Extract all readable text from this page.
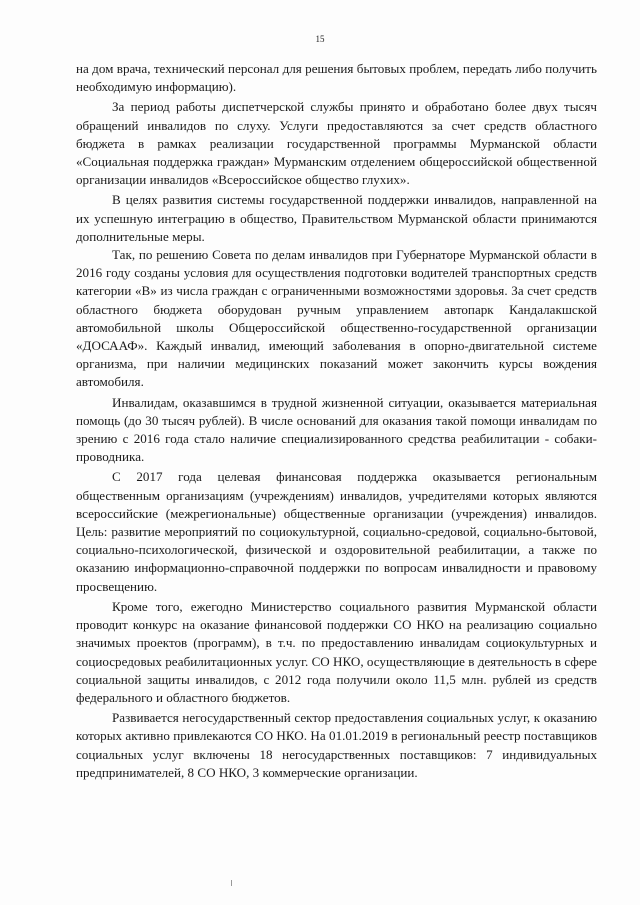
15

на дом врача, технический персонал для решения бытовых проблем, передать либо получить необходимую информацию).

За период работы диспетчерской службы принято и обработано более двух тысяч обращений инвалидов по слуху. Услуги предоставляются за счет средств областного бюджета в рамках реализации государственной программы Мурманской области «Социальная поддержка граждан» Мурманским отделением общероссийской общественной организации инвалидов «Всероссийское общество глухих».

В целях развития системы государственной поддержки инвалидов, направленной на их успешную интеграцию в общество, Правительством Мурманской области принимаются дополнительные меры.

Так, по решению Совета по делам инвалидов при Губернаторе Мурманской области в 2016 году созданы условия для осуществления подготовки водителей транспортных средств категории «В» из числа граждан с ограниченными возможностями здоровья. За счет средств областного бюджета оборудован ручным управлением автопарк Кандалакшской автомобильной школы Общероссийской общественно-государственной организации «ДОСААФ». Каждый инвалид, имеющий заболевания в опорно-двигательной системе организма, при наличии медицинских показаний может закончить курсы вождения автомобиля.

Инвалидам, оказавшимся в трудной жизненной ситуации, оказывается материальная помощь (до 30 тысяч рублей). В числе оснований для оказания такой помощи инвалидам по зрению с 2016 года стало наличие специализированного средства реабилитации - собаки-проводника.

С 2017 года целевая финансовая поддержка оказывается региональным общественным организациям (учреждениям) инвалидов, учредителями которых являются всероссийские (межрегиональные) общественные организации (учреждения) инвалидов. Цель: развитие мероприятий по социокультурной, социально-средовой, социально-бытовой, социально-психологической, физической и оздоровительной реабилитации, а также по оказанию информационно-справочной поддержки по вопросам инвалидности и правовому просвещению.

Кроме того, ежегодно Министерство социального развития Мурманской области проводит конкурс на оказание финансовой поддержки СО НКО на реализацию социально значимых проектов (программ), в т.ч. по предоставлению инвалидам социокультурных и социосредовых реабилитационных услуг. СО НКО, осуществляющие в деятельность в сфере социальной защиты инвалидов, с 2012 года получили около 11,5 млн. рублей из средств федерального и областного бюджетов.

Развивается негосударственный сектор предоставления социальных услуг, к оказанию которых активно привлекаются СО НКО. На 01.01.2019 в региональный реестр поставщиков социальных услуг включены 18 негосударственных поставщиков: 7 индивидуальных предпринимателей, 8 СО НКО, 3 коммерческие организации.
